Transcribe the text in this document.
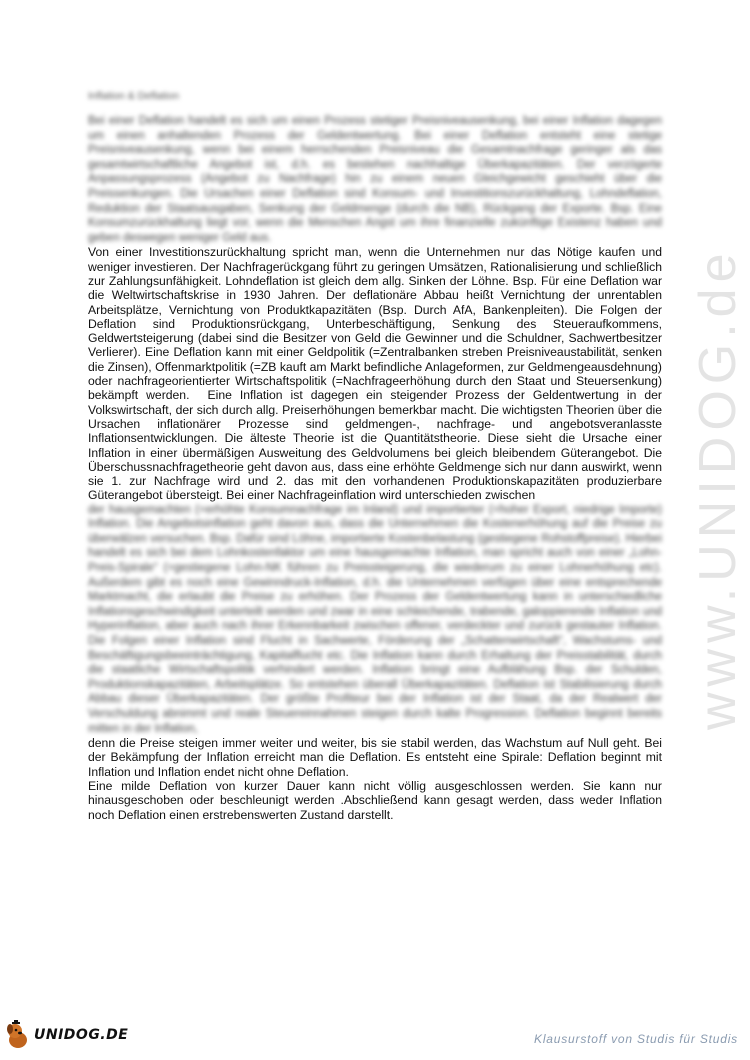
www.UNIDOG.de
Inflation & Deflation

Bei einer Deflation handelt es sich um einen Prozess stetiger Preisniveausenkung, bei einer Inflation dagegen um einen anhaltenden Prozess der Geldentwertung. Bei einer Deflation entsteht eine stetige Preisniveausenkung, wenn bei einem herrschenden Preisniveau die Gesamtnachfrage geringer als das gesamtwirtschaftliche Angebot ist, d.h. es bestehen nachhaltige Überkapazitäten. Der verzögerte Anpassungsprozess (Angebot zu Nachfrage) hin zu einem neuen Gleichgewicht geschieht über die Preissenkungen. Die Ursachen einer Deflation sind Konsum- und Investitionszurückhaltung, Lohndeflation, Reduktion der Staatsausgaben, Senkung der Geldmenge (durch die NB), Rückgang der Exporte. Bsp. Eine Konsumzurückhaltung liegt vor, wenn die Menschen Angst um ihre finanzielle zukünftige Existenz haben und geben deswegen weniger Geld aus.

Von einer Investitionszurückhaltung spricht man, wenn die Unternehmen nur das Nötige kaufen und weniger investieren. Der Nachfragerückgang führt zu geringen Umsätzen, Rationalisierung und schließlich zur Zahlungsunfähigkeit. Lohndeflation ist gleich dem allg. Sinken der Löhne. Bsp. Für eine Deflation war die Weltwirtschaftskrise in 1930 Jahren. Der deflationäre Abbau heißt Vernichtung der unrentablen Arbeitsplätze, Vernichtung von Produktkapazitäten (Bsp. Durch AfA, Bankenpleiten). Die Folgen der Deflation sind Produktionsrückgang, Unterbeschäftigung, Senkung des Steueraufkommens, Geldwertsteigerung (dabei sind die Besitzer von Geld die Gewinner und die Schuldner, Sachwertbesitzer Verlierer). Eine Deflation kann mit einer Geldpolitik (=Zentralbanken streben Preisniveaustabilität, senken die Zinsen), Offenmarktpolitik (=ZB kauft am Markt befindliche Anlageformen, zur Geldmengeausdehnung) oder nachfrageorientierter Wirtschaftspolitik (=Nachfrageerhöhung durch den Staat und Steuersenkung) bekämpft werden. Eine Inflation ist dagegen ein steigender Prozess der Geldentwertung in der Volkswirtschaft, der sich durch allg. Preiserhöhungen bemerkbar macht. Die wichtigsten Theorien über die Ursachen inflationärer Prozesse sind geldmengen-, nachfrage- und angebotsveranlasste Inflationsentwicklungen. Die älteste Theorie ist die Quantitätstheorie. Diese sieht die Ursache einer Inflation in einer übermäßigen Ausweitung des Geldvolumens bei gleich bleibendem Güterangebot. Die Überschussnachfragetheorie geht davon aus, dass eine erhöhte Geldmenge sich nur dann auswirkt, wenn sie 1. zur Nachfrage wird und 2. das mit den vorhandenen Produktionskapazitäten produzierbare Güterangebot übersteigt. Bei einer Nachfrageinflation wird unterschieden zwischen

der hausgemachten (=erhöhte Konsumnachfrage im Inland) und importierter (=hoher Export, niedrige Importe) Inflation. Die Angebotsinflation geht davon aus, dass die Unternehmen die Kostenerhöhung auf die Preise zu überwälzen versuchen. Bsp. Dafür sind Löhne, importierte Kostenbelastung (gestiegene Rohstoffpreise). Hierbei handelt es sich bei dem Lohnkostenfaktor um eine hausgemachte Inflation, man spricht auch von einer „Lohn-Preis-Spirale“ (=gestiegene Lohn-NK führen zu Preissteigerung, die wiederum zu einer Lohnerhöhung etc). Außerdem gibt es noch eine Gewinndruck-Inflation, d.h. die Unternehmen verfügen über eine entsprechende Marktmacht, die erlaubt die Preise zu erhöhen. Der Prozess der Geldentwertung kann in unterschiedliche Inflationsgeschwindigkeit unterteilt werden und zwar in eine schleichende, trabende, galoppierende Inflation und Hyperinflation, aber auch nach ihrer Erkennbarkeit zwischen offener, verdeckter und zurück gestauter Inflation. Die Folgen einer Inflation sind Flucht in Sachwerte, Förderung der „Schattenwirtschaft“, Wachstums- und Beschäftigungsbeeinträchtigung, Kapitalflucht etc. Die Inflation kann durch Erhaltung der Preisstabilität, durch die staatliche Wirtschaftspolitik verhindert werden. Inflation bringt eine Aufblähung Bsp. der Schulden, Produktionskapazitäten, Arbeitsplätze. So entstehen überall Überkapazitäten. Deflation ist Stabilisierung durch Abbau dieser Überkapazitäten. Der größte Profiteur bei der Inflation ist der Staat, da der Realwert der Verschuldung abnimmt und reale Steuereinnahmen steigen durch kalte Progression. Deflation beginnt bereits mitten in der Inflation,

denn die Preise steigen immer weiter und weiter, bis sie stabil werden, das Wachstum auf Null geht. Bei der Bekämpfung der Inflation erreicht man die Deflation. Es entsteht eine Spirale: Deflation beginnt mit Inflation und Inflation endet nicht ohne Deflation.

Eine milde Deflation von kurzer Dauer kann nicht völlig ausgeschlossen werden. Sie kann nur hinausgeschoben oder beschleunigt werden .Abschließend kann gesagt werden, dass weder Inflation noch Deflation einen erstrebenswerten Zustand darstellt.

UNIDOG.DE	Klausurstoff von Studis für Studis
